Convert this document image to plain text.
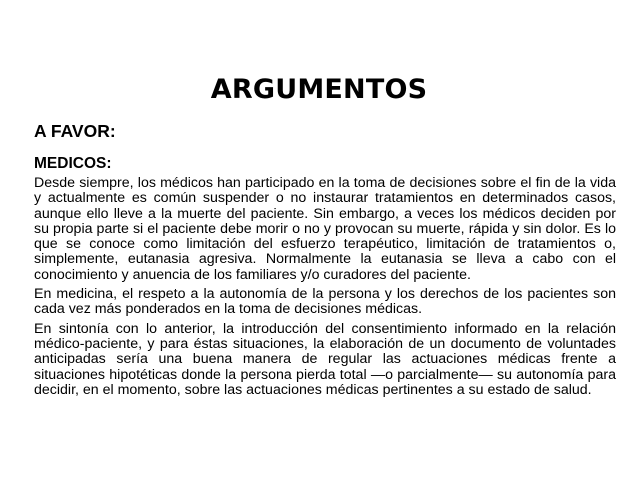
ARGUMENTOS

A FAVOR:

MEDICOS:

Desde siempre, los médicos han participado en la toma de decisiones sobre el fin de la vida y actualmente es común suspender o no instaurar tratamientos en determinados casos, aunque ello lleve a la muerte del paciente. Sin embargo, a veces los médicos deciden por su propia parte si el paciente debe morir o no y provocan su muerte, rápida y sin dolor. Es lo que se conoce como limitación del esfuerzo terapéutico, limitación de tratamientos o, simplemente, eutanasia agresiva. Normalmente la eutanasia se lleva a cabo con el conocimiento y anuencia de los familiares y/o curadores del paciente.

En medicina, el respeto a la autonomía de la persona y los derechos de los pacientes son cada vez más ponderados en la toma de decisiones médicas.

En sintonía con lo anterior, la introducción del consentimiento informado en la relación médico-paciente, y para éstas situaciones, la elaboración de un documento de voluntades anticipadas sería una buena manera de regular las actuaciones médicas frente a situaciones hipotéticas donde la persona pierda total —o parcialmente— su autonomía para decidir, en el momento, sobre las actuaciones médicas pertinentes a su estado de salud.
